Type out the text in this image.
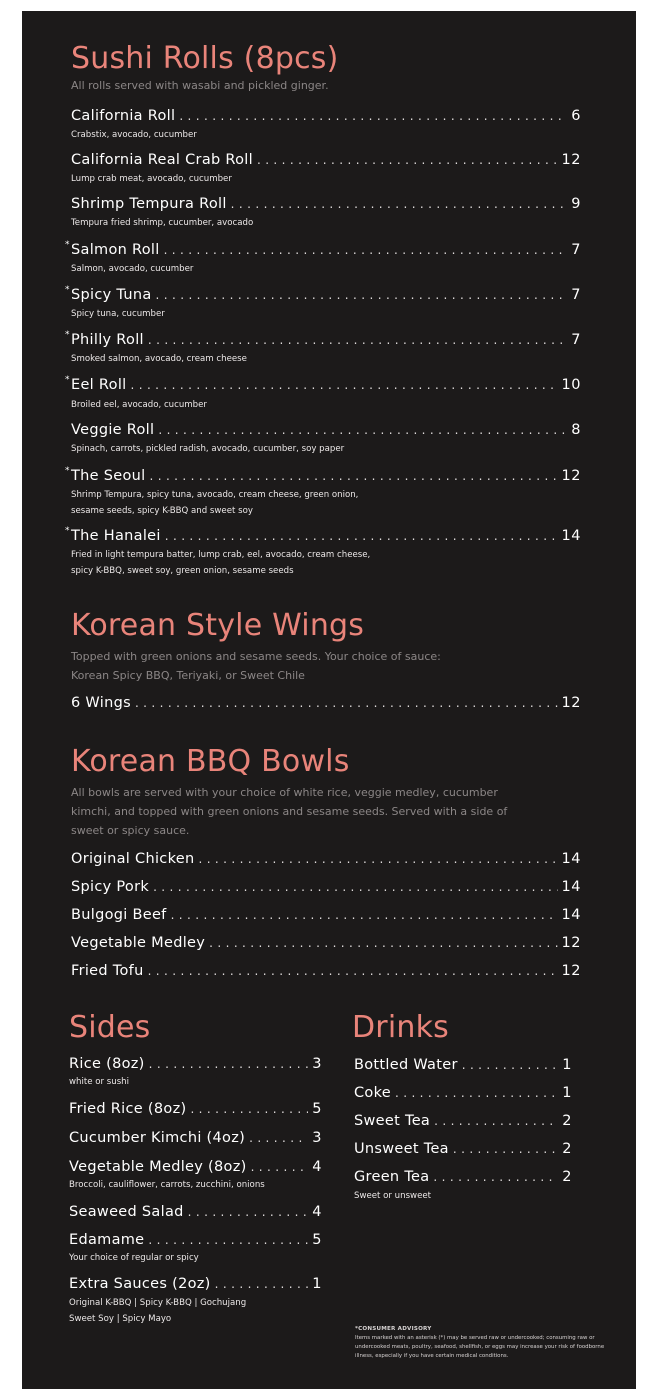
Sushi Rolls (8pcs)

All rolls served with wasabi and pickled ginger.

California Roll . . .	6
Crabstix, avocado, cucumber
California Real Crab Roll . . .	12
Lump crab meat, avocado, cucumber
Shrimp Tempura Roll . . .	9
Tempura fried shrimp, cucumber, avocado
* Salmon Roll . . .	7
Salmon, avocado, cucumber
* Spicy Tuna . . .	7
Spicy tuna, cucumber
* Philly Roll . . .	7
Smoked salmon, avocado, cream cheese
* Eel Roll . . .	10
Broiled eel, avocado, cucumber
Veggie Roll . . .	8
Spinach, carrots, pickled radish, avocado, cucumber, soy paper
* The Seoul . . .	12
Shrimp Tempura, spicy tuna, avocado, cream cheese, green onion,
sesame seeds, spicy K-BBQ and sweet soy
* The Hanalei . . .	14
Fried in light tempura batter, lump crab, eel, avocado, cream cheese,
spicy K-BBQ, sweet soy, green onion, sesame seeds
Korean Style Wings

Topped with green onions and sesame seeds. Your choice of sauce:

Korean Spicy BBQ, Teriyaki, or Sweet Chile

6 Wings . . .	12
Korean BBQ Bowls

All bowls are served with your choice of white rice, veggie medley, cucumber

kimchi, and topped with green onions and sesame seeds. Served with a side of

sweet or spicy sauce.

Original Chicken . . .	14
Spicy Pork . . .	14
Bulgogi Beef . . .	14
Vegetable Medley . . .	12
Fried Tofu . . .	12
Sides
Rice (8oz) . . .	3
white or sushi
Fried Rice (8oz) . . .	5
Cucumber Kimchi (4oz) . . .	3
Vegetable Medley (8oz) . . .	4
Broccoli, cauliflower, carrots, zucchini, onions
Seaweed Salad . . .	4
Edamame . . .	5
Your choice of regular or spicy
Extra Sauces (2oz) . . .	1
Original K-BBQ | Spicy K-BBQ | Gochujang
Sweet Soy | Spicy Mayo
Drinks
Bottled Water . . .	1
Coke . . .	1
Sweet Tea . . .	2
Unsweet Tea . . .	2
Green Tea . . .	2
Sweet or unsweet
*CONSUMER ADVISORY
Items marked with an asterisk (*) may be served raw or undercooked; consuming raw or undercooked meats, poultry, seafood, shellfish, or eggs may increase your risk of foodborne illness, especially if you have certain medical conditions.
